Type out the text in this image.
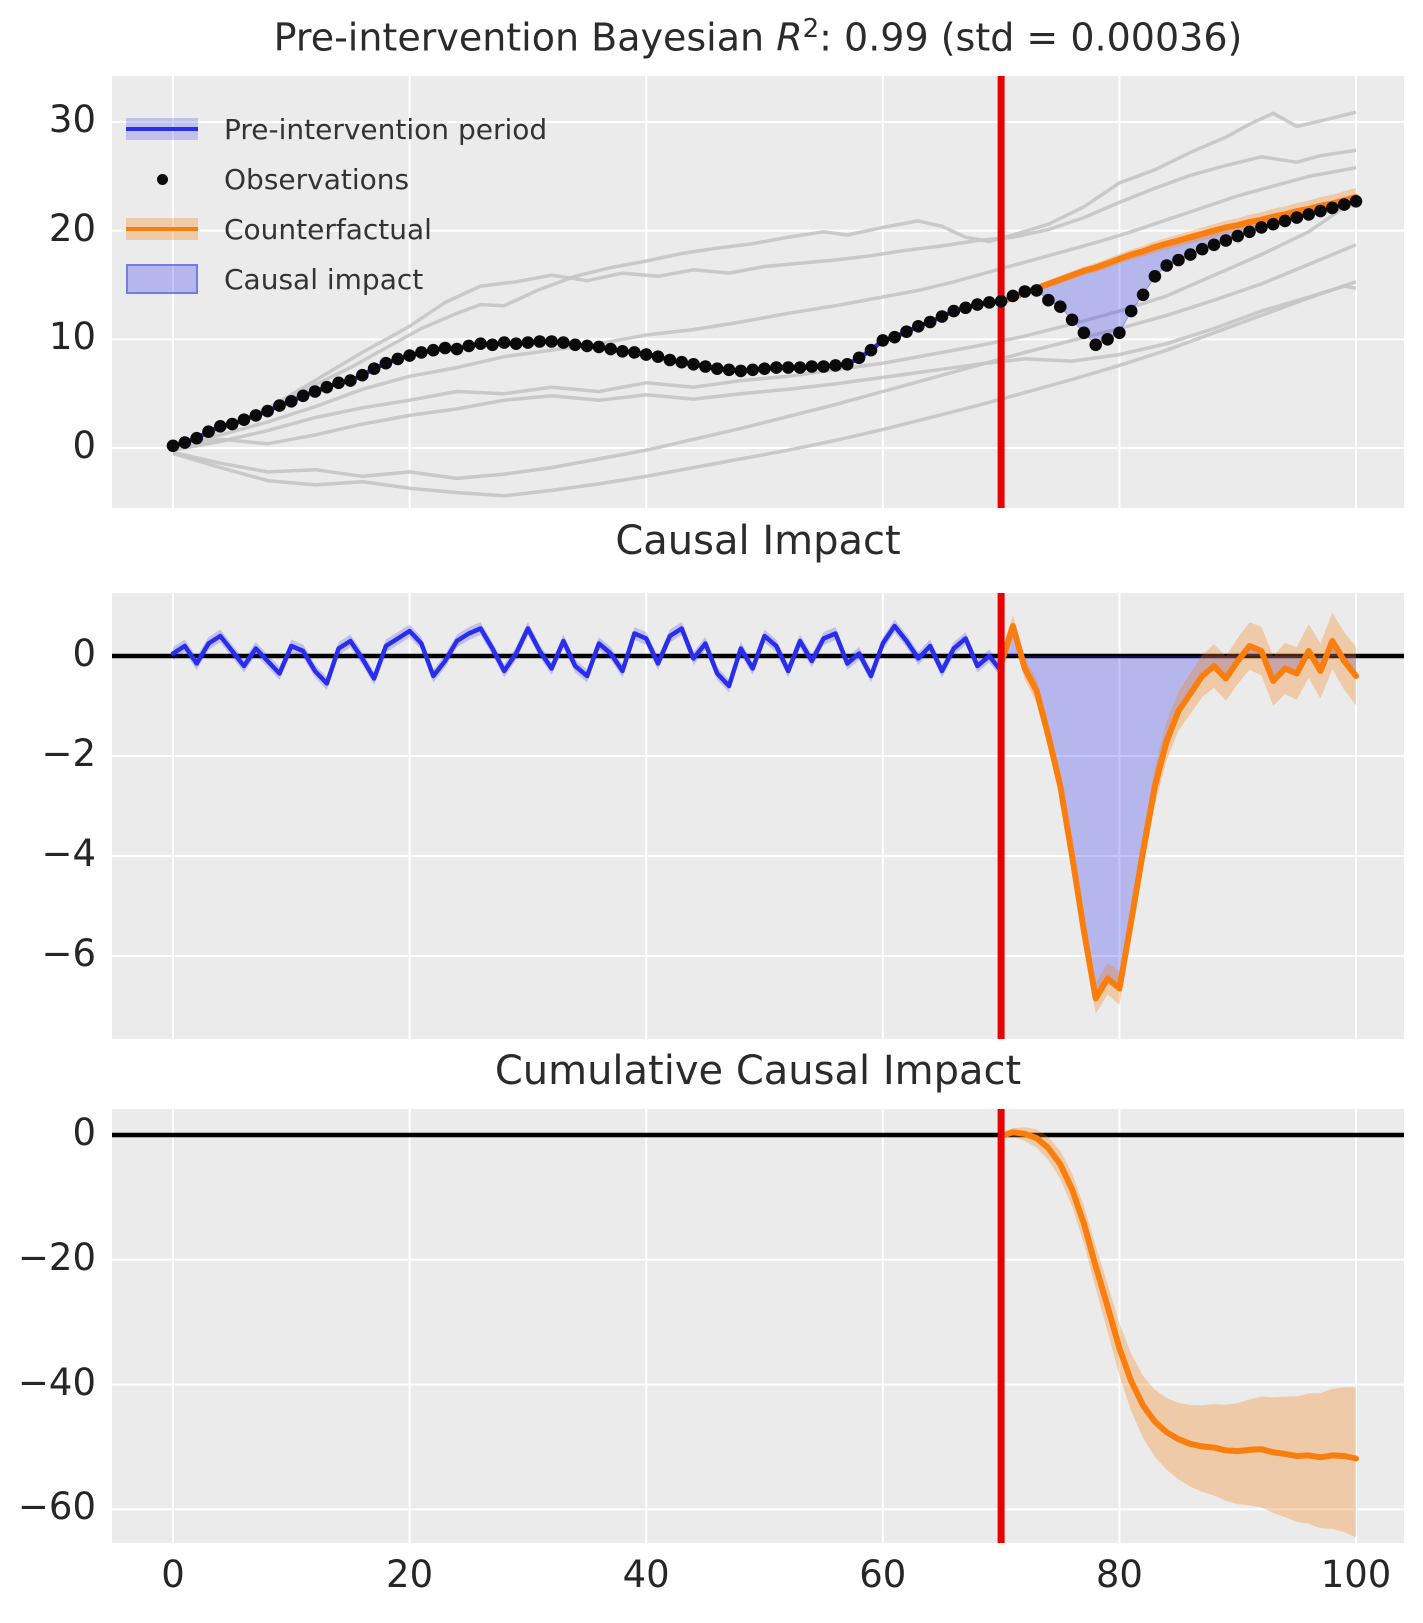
Pre-intervention Bayesian $R^2$: 0.99 (std = 0.00036)
Causal Impact
Cumulative Causal Impact
Pre-intervention period
Observations
Counterfactual
Causal impact
0
10
20
30
0
−2
−4
−6
0
−20
−40
−60
0	20	40	60	80	100
